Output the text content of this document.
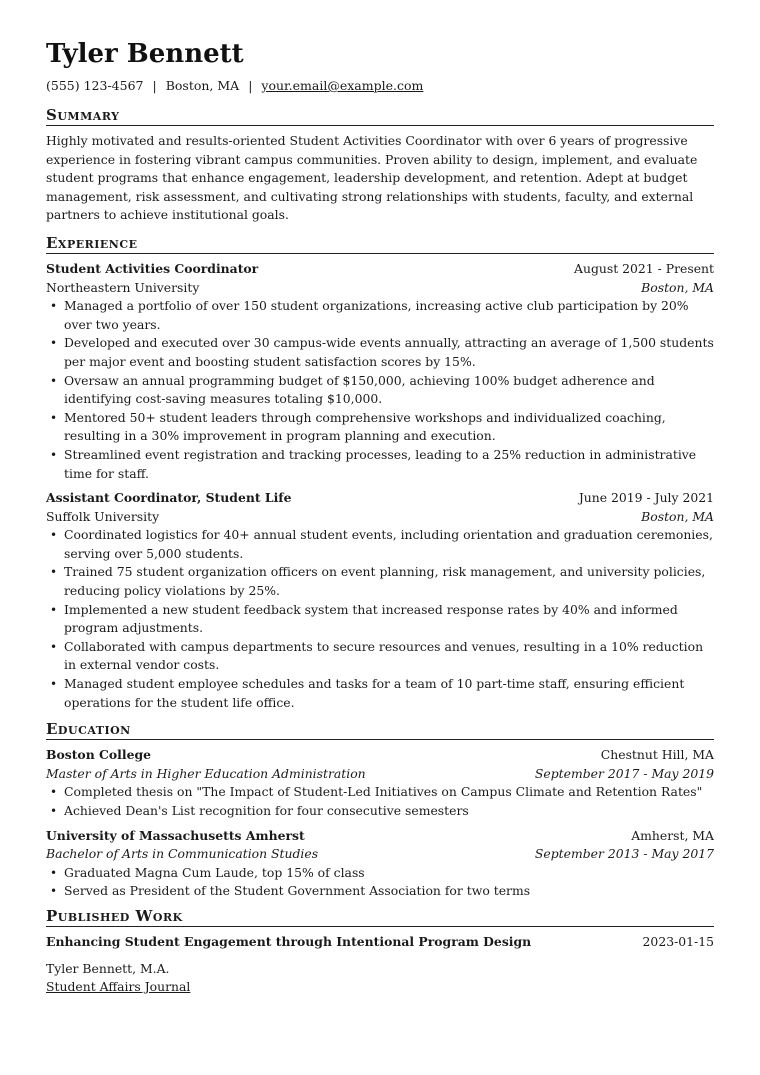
Tyler Bennett
(555) 123-4567 | Boston, MA | your.email@example.com
Summary
Highly motivated and results-oriented Student Activities Coordinator with over 6 years of progressive experience in fostering vibrant campus communities. Proven ability to design, implement, and evaluate student programs that enhance engagement, leadership development, and retention. Adept at budget management, risk assessment, and cultivating strong relationships with students, faculty, and external partners to achieve institutional goals.
Experience
Student Activities Coordinator	August 2021 - Present
Northeastern University	Boston, MA
• Managed a portfolio of over 150 student organizations, increasing active club participation by 20% over two years.
• Developed and executed over 30 campus-wide events annually, attracting an average of 1,500 students per major event and boosting student satisfaction scores by 15%.
• Oversaw an annual programming budget of $150,000, achieving 100% budget adherence and identifying cost-saving measures totaling $10,000.
• Mentored 50+ student leaders through comprehensive workshops and individualized coaching, resulting in a 30% improvement in program planning and execution.
• Streamlined event registration and tracking processes, leading to a 25% reduction in administrative time for staff.
Assistant Coordinator, Student Life	June 2019 - July 2021
Suffolk University	Boston, MA
• Coordinated logistics for 40+ annual student events, including orientation and graduation ceremonies, serving over 5,000 students.
• Trained 75 student organization officers on event planning, risk management, and university policies, reducing policy violations by 25%.
• Implemented a new student feedback system that increased response rates by 40% and informed program adjustments.
• Collaborated with campus departments to secure resources and venues, resulting in a 10% reduction in external vendor costs.
• Managed student employee schedules and tasks for a team of 10 part-time staff, ensuring efficient operations for the student life office.
Education
Boston College	Chestnut Hill, MA
Master of Arts in Higher Education Administration	September 2017 - May 2019
• Completed thesis on "The Impact of Student-Led Initiatives on Campus Climate and Retention Rates"
• Achieved Dean's List recognition for four consecutive semesters
University of Massachusetts Amherst	Amherst, MA
Bachelor of Arts in Communication Studies	September 2013 - May 2017
• Graduated Magna Cum Laude, top 15% of class
• Served as President of the Student Government Association for two terms
Published Work
Enhancing Student Engagement through Intentional Program Design	2023-01-15
Tyler Bennett, M.A.
Student Affairs Journal
